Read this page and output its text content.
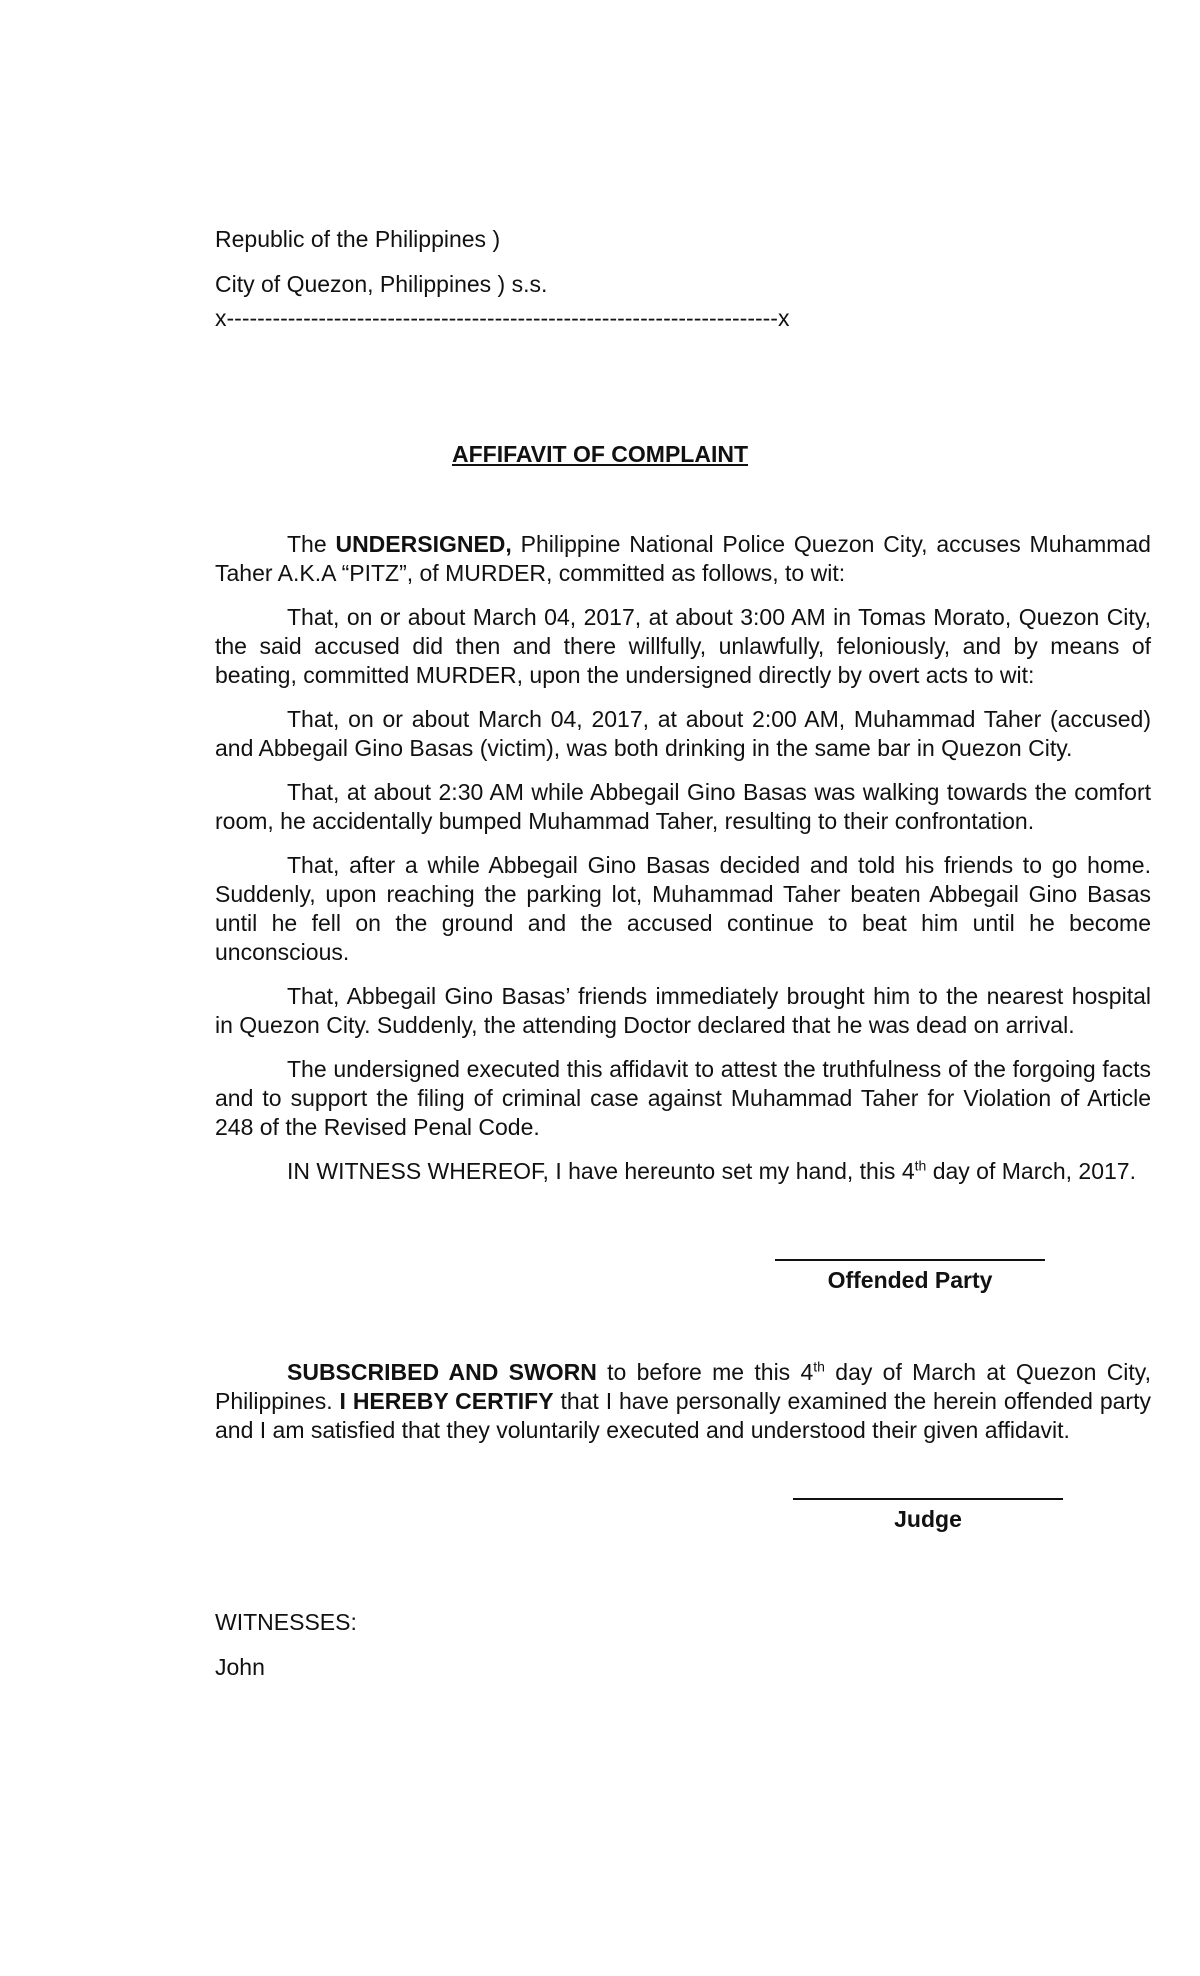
Republic of the Philippines )

City of Quezon, Philippines ) s.s.

x------------------------------------------------------------------------x
AFFIFAVIT OF COMPLAINT

The UNDERSIGNED, Philippine National Police Quezon City, accuses Muhammad Taher A.K.A “PITZ”, of MURDER, committed as follows, to wit:

That, on or about March 04, 2017, at about 3:00 AM in Tomas Morato, Quezon City, the said accused did then and there willfully, unlawfully, feloniously, and by means of beating, committed MURDER, upon the undersigned directly by overt acts to wit:

That, on or about March 04, 2017, at about 2:00 AM, Muhammad Taher (accused) and Abbegail Gino Basas (victim), was both drinking in the same bar in Quezon City.

That, at about 2:30 AM while Abbegail Gino Basas was walking towards the comfort room, he accidentally bumped Muhammad Taher, resulting to their confrontation.

That, after a while Abbegail Gino Basas decided and told his friends to go home. Suddenly, upon reaching the parking lot, Muhammad Taher beaten Abbegail Gino Basas until he fell on the ground and the accused continue to beat him until he become unconscious.

That, Abbegail Gino Basas’ friends immediately brought him to the nearest hospital in Quezon City. Suddenly, the attending Doctor declared that he was dead on arrival.

The undersigned executed this affidavit to attest the truthfulness of the forgoing facts and to support the filing of criminal case against Muhammad Taher for Violation of Article 248 of the Revised Penal Code.

IN WITNESS WHEREOF, I have hereunto set my hand, this 4th day of March, 2017.

Offended Party

SUBSCRIBED AND SWORN to before me this 4th day of March at Quezon City, Philippines. I HEREBY CERTIFY that I have personally examined the herein offended party and I am satisfied that they voluntarily executed and understood their given affidavit.

Judge

WITNESSES:

John
